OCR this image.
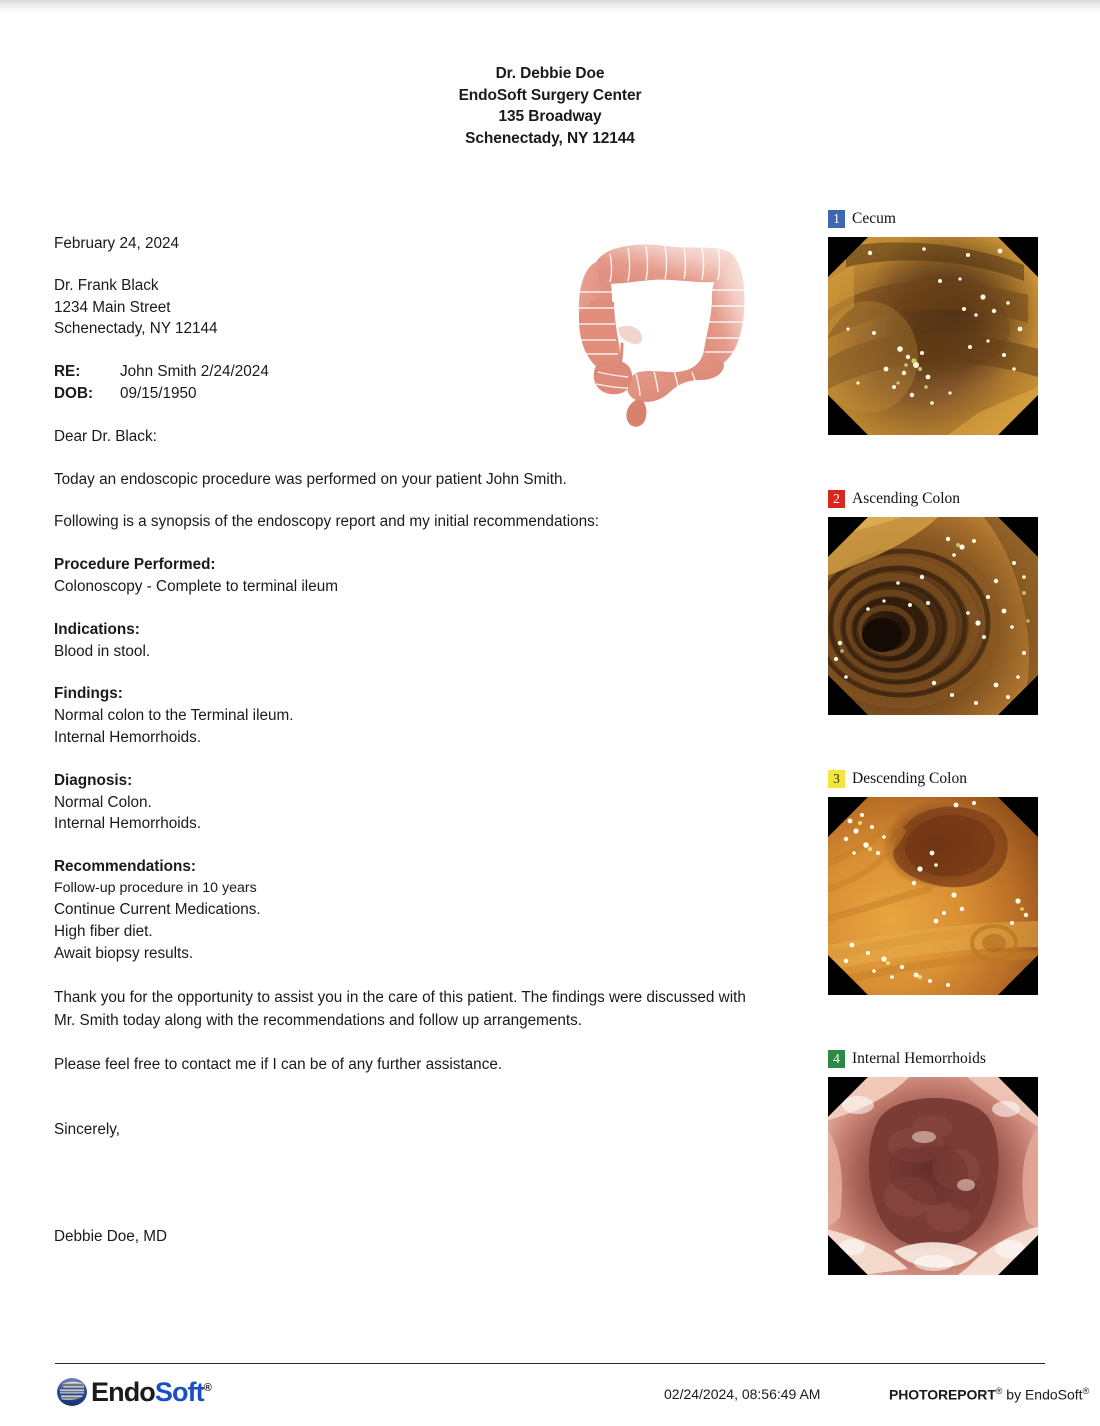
Dr. Debbie Doe
EndoSoft Surgery Center
135 Broadway
Schenectady, NY 12144
February 24, 2024
Dr. Frank Black
1234 Main Street
Schenectady, NY 12144
RE:	John Smith 2/24/2024
DOB:	09/15/1950
Dear Dr. Black:
Today an endoscopic procedure was performed on your patient John Smith.
Following is a synopsis of the endoscopy report and my initial recommendations:
Procedure Performed:
Colonoscopy - Complete to terminal ileum
Indications:
Blood in stool.
Findings:
Normal colon to the Terminal ileum.
Internal Hemorrhoids.
Diagnosis:
Normal Colon.
Internal Hemorrhoids.
Recommendations:
Follow-up procedure in 10 years
Continue Current Medications.
High fiber diet.
Await biopsy results.
Thank you for the opportunity to assist you in the care of this patient. The findings were discussed with Mr. Smith today along with the recommendations and follow up arrangements.
Please feel free to contact me if I can be of any further assistance.
Sincerely,
Debbie Doe, MD
1 Cecum
2 Ascending Colon
3 Descending Colon
4 Internal Hemorrhoids
EndoSoft®	02/24/2024, 08:56:49 AM	PHOTOREPORT® by EndoSoft®
